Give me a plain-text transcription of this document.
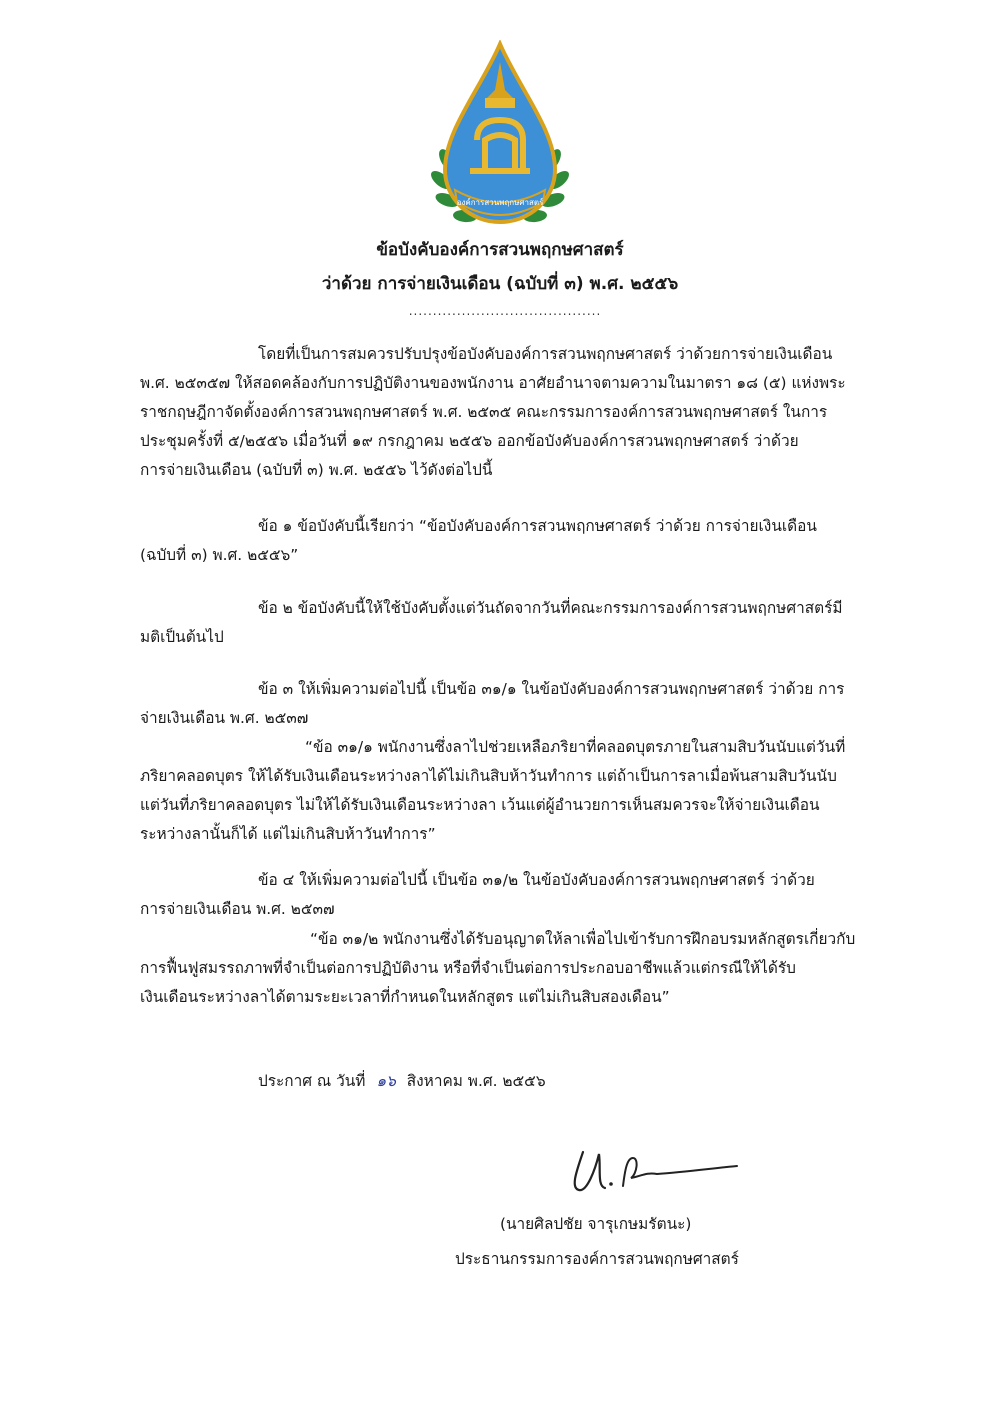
องค์การสวนพฤกษศาสตร์
ข้อบังคับองค์การสวนพฤกษศาสตร์
ว่าด้วย การจ่ายเงินเดือน (ฉบับที่ ๓) พ.ศ. ๒๕๕๖
........................................
โดยที่เป็นการสมควรปรับปรุงข้อบังคับองค์การสวนพฤกษศาสตร์ ว่าด้วยการจ่ายเงินเดือน
พ.ศ. ๒๕๓๕๗ ให้สอดคล้องกับการปฏิบัติงานของพนักงาน อาศัยอำนาจตามความในมาตรา ๑๘ (๕) แห่งพระ
ราชกฤษฎีกาจัดตั้งองค์การสวนพฤกษศาสตร์ พ.ศ. ๒๕๓๕ คณะกรรมการองค์การสวนพฤกษศาสตร์ ในการ
ประชุมครั้งที่ ๕/๒๕๕๖ เมื่อวันที่ ๑๙ กรกฎาคม ๒๕๕๖ ออกข้อบังคับองค์การสวนพฤกษศาสตร์ ว่าด้วย
การจ่ายเงินเดือน (ฉบับที่ ๓) พ.ศ. ๒๕๕๖ ไว้ดังต่อไปนี้
ข้อ ๑ ข้อบังคับนี้เรียกว่า “ข้อบังคับองค์การสวนพฤกษศาสตร์ ว่าด้วย การจ่ายเงินเดือน
(ฉบับที่ ๓) พ.ศ. ๒๕๕๖”
ข้อ ๒ ข้อบังคับนี้ให้ใช้บังคับตั้งแต่วันถัดจากวันที่คณะกรรมการองค์การสวนพฤกษศาสตร์มี
มติเป็นต้นไป
ข้อ ๓ ให้เพิ่มความต่อไปนี้ เป็นข้อ ๓๑/๑ ในข้อบังคับองค์การสวนพฤกษศาสตร์ ว่าด้วย การ
จ่ายเงินเดือน พ.ศ. ๒๕๓๗
“ข้อ ๓๑/๑ พนักงานซึ่งลาไปช่วยเหลือภริยาที่คลอดบุตรภายในสามสิบวันนับแต่วันที่
ภริยาคลอดบุตร ให้ได้รับเงินเดือนระหว่างลาได้ไม่เกินสิบห้าวันทำการ แต่ถ้าเป็นการลาเมื่อพ้นสามสิบวันนับ
แต่วันที่ภริยาคลอดบุตร ไม่ให้ได้รับเงินเดือนระหว่างลา เว้นแต่ผู้อำนวยการเห็นสมควรจะให้จ่ายเงินเดือน
ระหว่างลานั้นก็ได้ แต่ไม่เกินสิบห้าวันทำการ”
ข้อ ๔ ให้เพิ่มความต่อไปนี้ เป็นข้อ ๓๑/๒ ในข้อบังคับองค์การสวนพฤกษศาสตร์ ว่าด้วย
การจ่ายเงินเดือน พ.ศ. ๒๕๓๗
“ข้อ ๓๑/๒ พนักงานซึ่งได้รับอนุญาตให้ลาเพื่อไปเข้ารับการฝึกอบรมหลักสูตรเกี่ยวกับ
การฟื้นฟูสมรรถภาพที่จำเป็นต่อการปฏิบัติงาน หรือที่จำเป็นต่อการประกอบอาชีพแล้วแต่กรณีให้ได้รับ
เงินเดือนระหว่างลาได้ตามระยะเวลาที่กำหนดในหลักสูตร แต่ไม่เกินสิบสองเดือน”
ประกาศ ณ วันที่ ๑๖ สิงหาคม พ.ศ. ๒๕๕๖
(นายศิลปชัย จารุเกษมรัตนะ)
ประธานกรรมการองค์การสวนพฤกษศาสตร์
